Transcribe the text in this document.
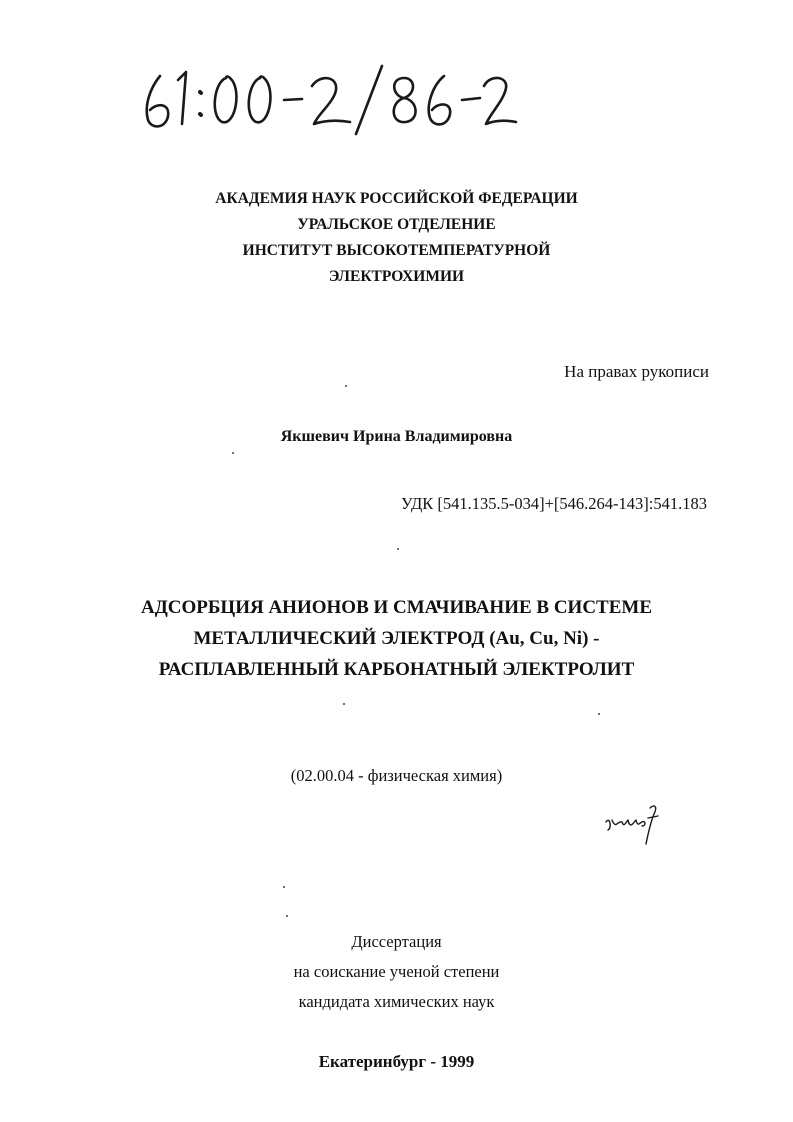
АКАДЕМИЯ НАУК РОССИЙСКОЙ ФЕДЕРАЦИИ
УРАЛЬСКОЕ ОТДЕЛЕНИЕ
ИНСТИТУТ ВЫСОКОТЕМПЕРАТУРНОЙ
ЭЛЕКТРОХИМИИ
На правах рукописи
Якшевич Ирина Владимировна
УДК [541.135.5-034]+[546.264-143]:541.183
АДСОРБЦИЯ АНИОНОВ И СМАЧИВАНИЕ В СИСТЕМЕ
МЕТАЛЛИЧЕСКИЙ ЭЛЕКТРОД (Au, Cu, Ni) -
РАСПЛАВЛЕННЫЙ КАРБОНАТНЫЙ ЭЛЕКТРОЛИТ
(02.00.04 - физическая химия)
Диссертация
на соискание ученой степени
кандидата химических наук
Екатеринбург - 1999
